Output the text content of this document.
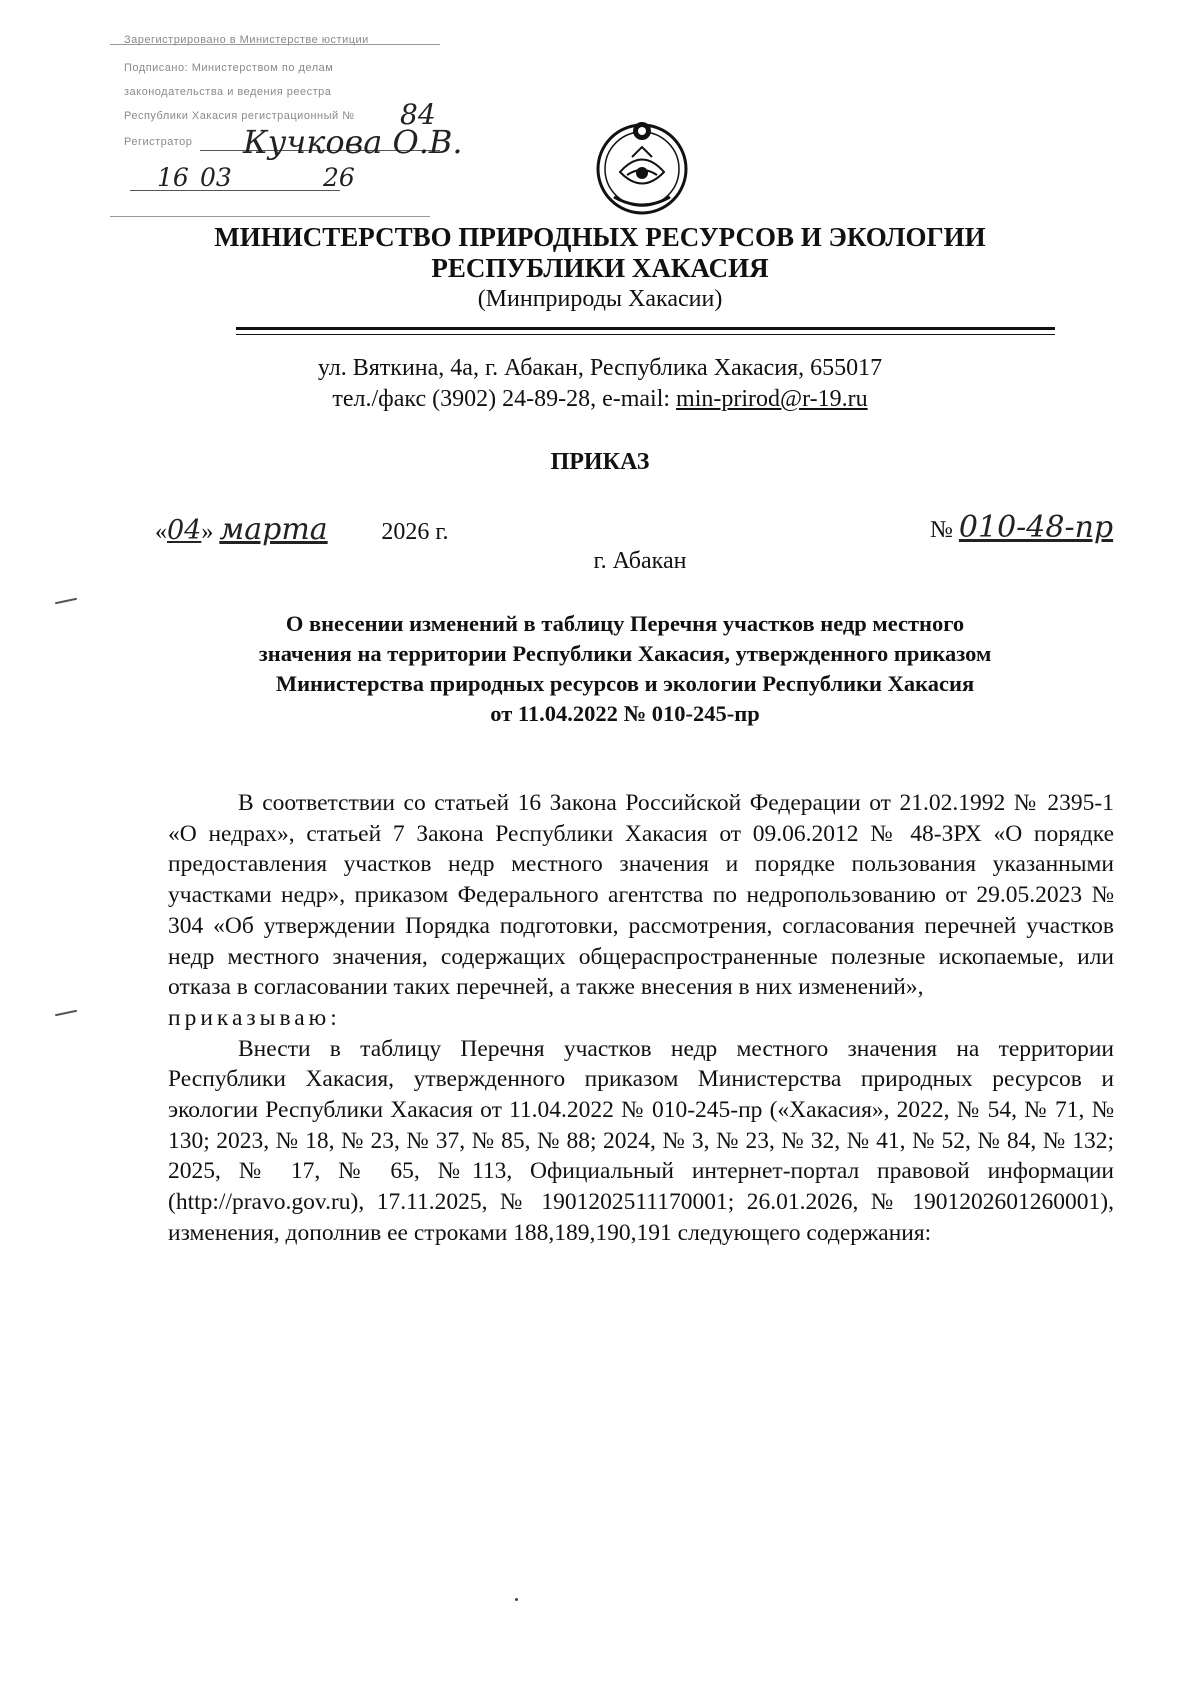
Зарегистрировано в Министерстве юстиции
Подписано: Министерством по делам
законодательства и ведения реестра
Республики Хакасия регистрационный №
Регистратор
84
Кучкова О.В.
16 03	26
МИНИСТЕРСТВО ПРИРОДНЫХ РЕСУРСОВ И ЭКОЛОГИИ
РЕСПУБЛИКИ ХАКАСИЯ
(Минприроды Хакасии)
ул. Вяткина, 4а, г. Абакан, Республика Хакасия, 655017
тел./факс (3902) 24-89-28, e-mail: min-prirod@r-19.ru
ПРИКАЗ
«04» марта 2026 г.	№ 010-48-пр
г. Абакан
О внесении изменений в таблицу Перечня участков недр местного
значения на территории Республики Хакасия, утвержденного приказом
Министерства природных ресурсов и экологии Республики Хакасия
от 11.04.2022 № 010-245-пр

В соответствии со статьей 16 Закона Российской Федерации от 21.02.1992 № 2395-1 «О недрах», статьей 7 Закона Республики Хакасия от 09.06.2012 № 48-ЗРХ «О порядке предоставления участков недр местного значения и порядке пользования указанными участками недр», приказом Федерального агентства по недропользованию от 29.05.2023 № 304 «Об утверждении Порядка подготовки, рассмотрения, согласования перечней участков недр местного значения, содержащих общераспространенные полезные ископаемые, или отказа в согласовании таких перечней, а также внесения в них изменений»,
приказываю:

Внести в таблицу Перечня участков недр местного значения на территории Республики Хакасия, утвержденного приказом Министерства природных ресурсов и экологии Республики Хакасия от 11.04.2022 № 010-245-пр («Хакасия», 2022, № 54, № 71, № 130; 2023, № 18, № 23, № 37, № 85, № 88; 2024, № 3, № 23, № 32, № 41, № 52, № 84, № 132; 2025, № 17, № 65, №113, Официальный интернет-портал правовой информации (http://pravo.gov.ru), 17.11.2025, № 1901202511170001; 26.01.2026, № 1901202601260001), изменения, дополнив ее строками 188,189,190,191 следующего содержания:
